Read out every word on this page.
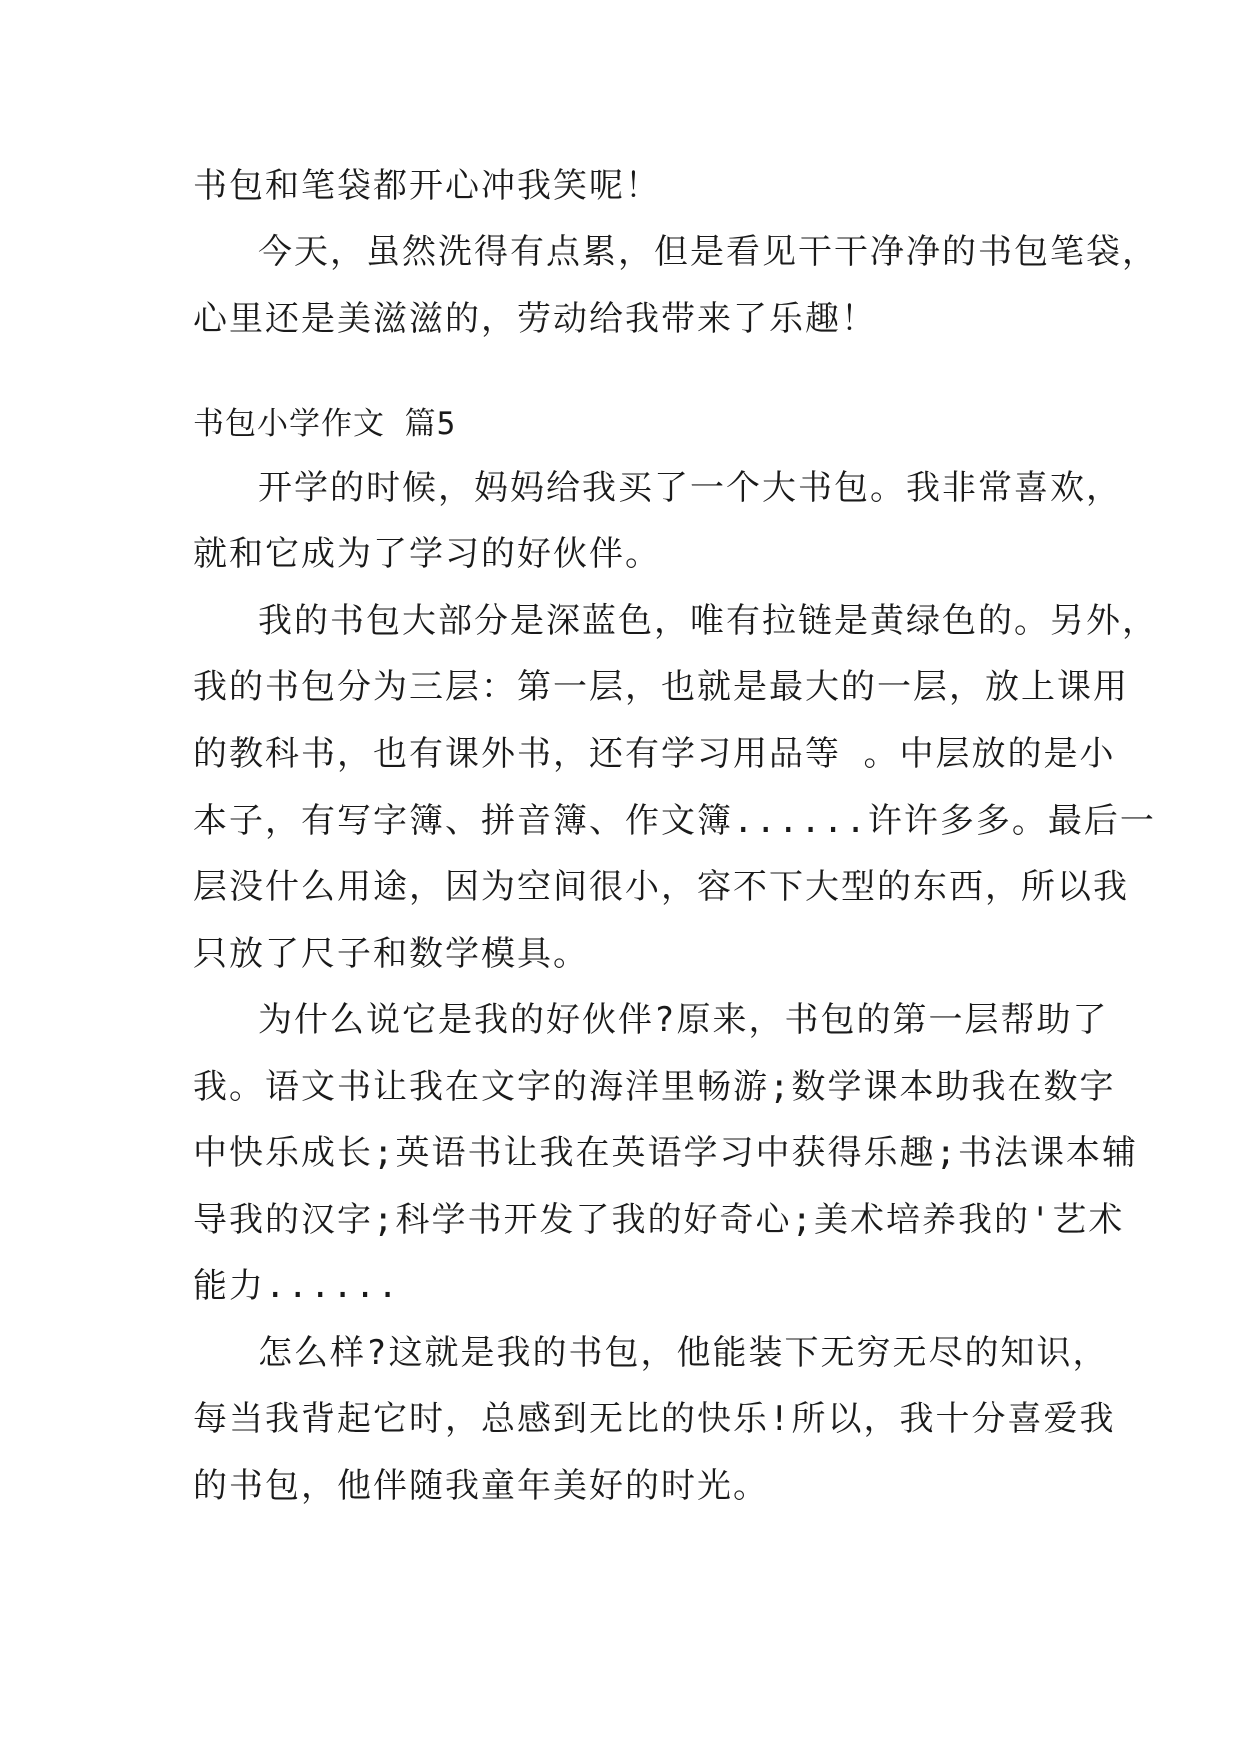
书包和笔袋都开心冲我笑呢！
今天，虽然洗得有点累，但是看见干干净净的书包笔袋，
心里还是美滋滋的，劳动给我带来了乐趣！
书包小学作文 篇5
开学的时候，妈妈给我买了一个大书包。我非常喜欢，
就和它成为了学习的好伙伴。
我的书包大部分是深蓝色，唯有拉链是黄绿色的。另外，
我的书包分为三层：第一层，也就是最大的一层，放上课用
的教科书，也有课外书，还有学习用品等 。中层放的是小
本子，有写字簿、拼音簿、作文簿......许许多多。最后一
层没什么用途，因为空间很小，容不下大型的东西，所以我
只放了尺子和数学模具。
为什么说它是我的好伙伴?原来，书包的第一层帮助了
我。语文书让我在文字的海洋里畅游;数学课本助我在数字
中快乐成长;英语书让我在英语学习中获得乐趣;书法课本辅
导我的汉字;科学书开发了我的好奇心;美术培养我的'艺术
能力......
怎么样?这就是我的书包，他能装下无穷无尽的知识，
每当我背起它时，总感到无比的快乐!所以，我十分喜爱我
的书包，他伴随我童年美好的时光。
